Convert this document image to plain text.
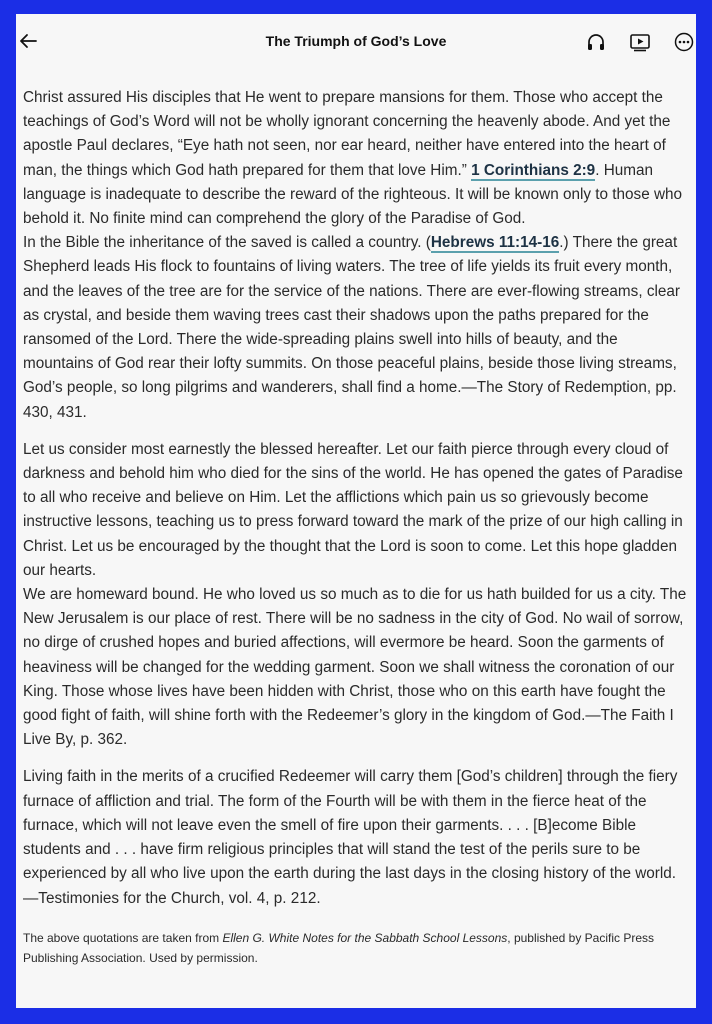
The Triumph of God’s Love

Christ assured His disciples that He went to prepare mansions for them. Those who accept the teachings of God’s Word will not be wholly ignorant concerning the heavenly abode. And yet the apostle Paul declares, “Eye hath not seen, nor ear heard, neither have entered into the heart of man, the things which God hath prepared for them that love Him.” 1 Corinthians 2:9. Human language is inadequate to describe the reward of the righteous. It will be known only to those who behold it. No finite mind can comprehend the glory of the Paradise of God.

In the Bible the inheritance of the saved is called a country. (Hebrews 11:14-16.) There the great Shepherd leads His flock to fountains of living waters. The tree of life yields its fruit every month, and the leaves of the tree are for the service of the nations. There are ever-flowing streams, clear as crystal, and beside them waving trees cast their shadows upon the paths prepared for the ransomed of the Lord. There the wide-spreading plains swell into hills of beauty, and the mountains of God rear their lofty summits. On those peaceful plains, beside those living streams, God’s people, so long pilgrims and wanderers, shall find a home.—The Story of Redemption, pp. 430, 431.

Let us consider most earnestly the blessed hereafter. Let our faith pierce through every cloud of darkness and behold him who died for the sins of the world. He has opened the gates of Paradise to all who receive and believe on Him. Let the afflictions which pain us so grievously become instructive lessons, teaching us to press forward toward the mark of the prize of our high calling in Christ. Let us be encouraged by the thought that the Lord is soon to come. Let this hope gladden our hearts.

We are homeward bound. He who loved us so much as to die for us hath builded for us a city. The New Jerusalem is our place of rest. There will be no sadness in the city of God. No wail of sorrow, no dirge of crushed hopes and buried affections, will evermore be heard. Soon the garments of heaviness will be changed for the wedding garment. Soon we shall witness the coronation of our King. Those whose lives have been hidden with Christ, those who on this earth have fought the good fight of faith, will shine forth with the Redeemer’s glory in the kingdom of God.—The Faith I Live By, p. 362.

Living faith in the merits of a crucified Redeemer will carry them [God’s children] through the fiery furnace of affliction and trial. The form of the Fourth will be with them in the fierce heat of the furnace, which will not leave even the smell of fire upon their garments. . . . [B]ecome Bible students and . . . have firm religious principles that will stand the test of the perils sure to be experienced by all who live upon the earth during the last days in the closing history of the world.—Testimonies for the Church, vol. 4, p. 212.

The above quotations are taken from Ellen G. White Notes for the Sabbath School Lessons, published by Pacific Press Publishing Association. Used by permission.
